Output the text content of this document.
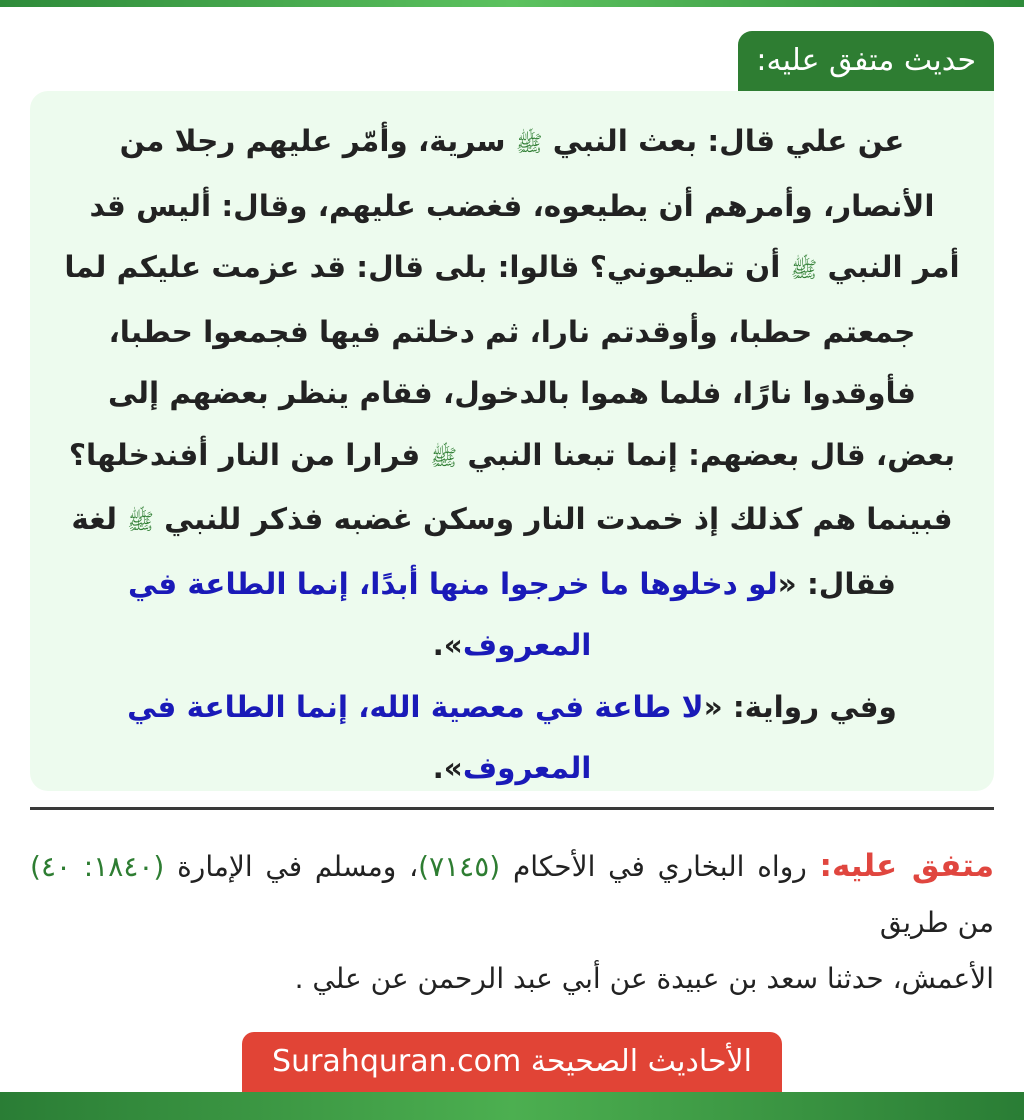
حديث متفق عليه:
عن علي قال: بعث النبي ﷺ سرية، وأمّر عليهم رجلا من الأنصار، وأمرهم أن يطيعوه، فغضب عليهم، وقال: أليس قد أمر النبي ﷺ أن تطيعوني؟ قالوا: بلى قال: قد عزمت عليكم لما جمعتم حطبا، وأوقدتم نارا، ثم دخلتم فيها فجمعوا حطبا، فأوقدوا نارًا، فلما هموا بالدخول، فقام ينظر بعضهم إلى بعض، قال بعضهم: إنما تبعنا النبي ﷺ فرارا من النار أفندخلها؟ فبينما هم كذلك إذ خمدت النار وسكن غضبه فذكر للنبي ﷺ لغة فقال: «لو دخلوها ما خرجوا منها أبدًا، إنما الطاعة في المعروف».
وفي رواية: «لا طاعة في معصية الله، إنما الطاعة في المعروف».
متفق عليه: رواه البخاري في الأحكام (٧١٤٥)، ومسلم في الإمارة (١٨٤٠: ٤٠) من طريق
الأعمش، حدثنا سعد بن عبيدة عن أبي عبد الرحمن عن علي .
الأحاديث الصحيحة Surahquran.com
